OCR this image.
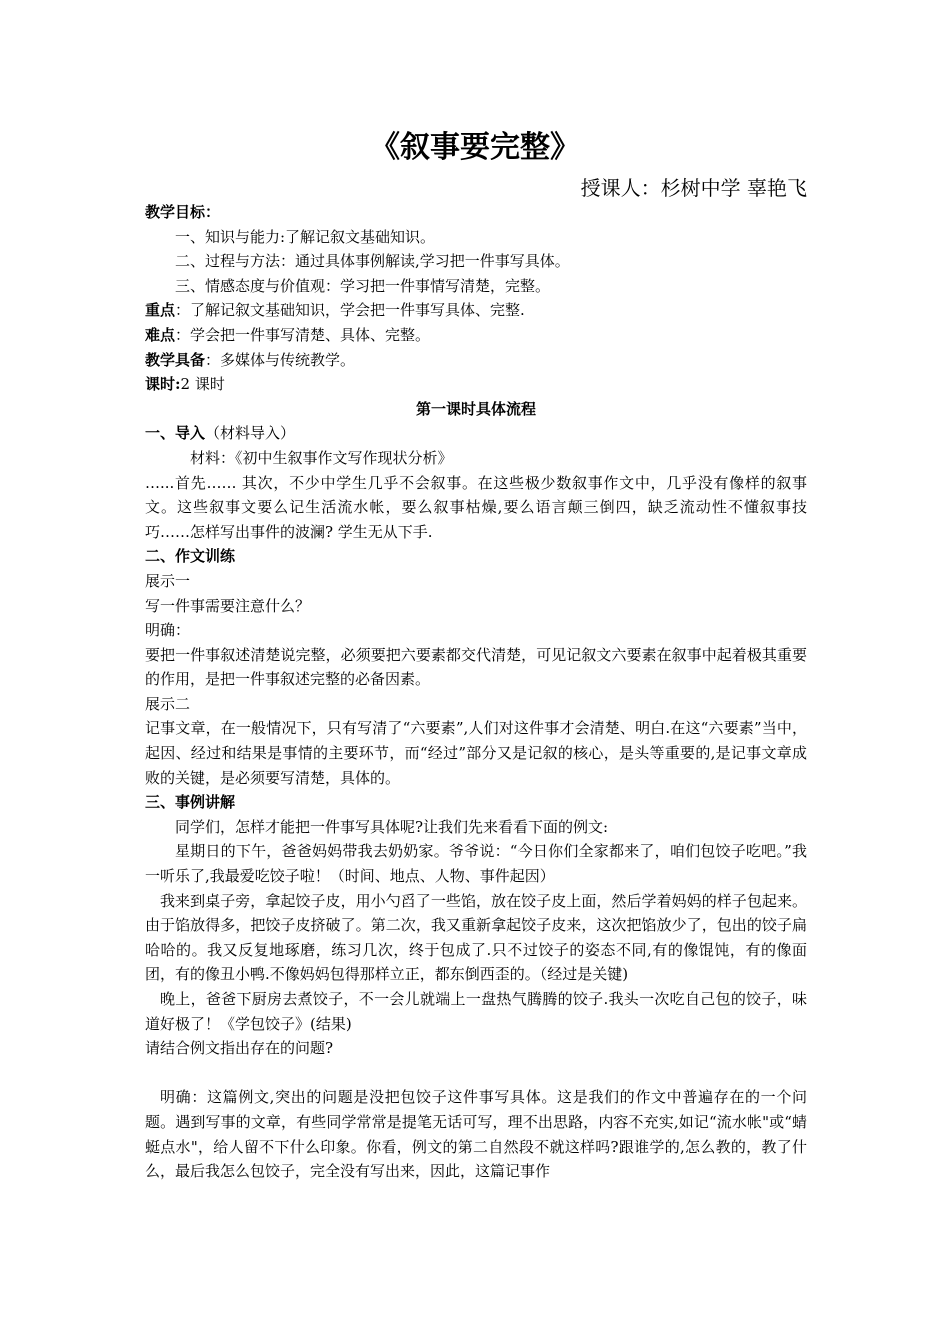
《叙事要完整》
授课人：杉树中学 辜艳飞

教学目标：

一、知识与能力:了解记叙文基础知识。

二、过程与方法：通过具体事例解读,学习把一件事写具体。

三、情感态度与价值观：学习把一件事情写清楚，完整。

重点：了解记叙文基础知识，学会把一件事写具体、完整.

难点：学会把一件事写清楚、具体、完整。

教学具备：多媒体与传统教学。

课时:2 课时

第一课时具体流程

一、导入（材料导入）

材料：《初中生叙事作文写作现状分析》

…...首先…… 其次，不少中学生几乎不会叙事。在这些极少数叙事作文中，几乎没有像样的叙事文。这些叙事文要么记生活流水帐，要么叙事枯燥,要么语言颠三倒四，缺乏流动性不懂叙事技巧……怎样写出事件的波澜? 学生无从下手.

二、作文训练

展示一

写一件事需要注意什么？

明确：

要把一件事叙述清楚说完整，必须要把六要素都交代清楚，可见记叙文六要素在叙事中起着极其重要的作用，是把一件事叙述完整的必备因素。

展示二

记事文章，在一般情况下，只有写清了“六要素”,人们对这件事才会清楚、明白.在这“六要素”当中，起因、经过和结果是事情的主要环节，而“经过”部分又是记叙的核心，是头等重要的,是记事文章成败的关键，是必须要写清楚，具体的。

三、事例讲解

同学们，怎样才能把一件事写具体呢?让我们先来看看下面的例文:

星期日的下午，爸爸妈妈带我去奶奶家。爷爷说：“今日你们全家都来了，咱们包饺子吃吧。”我一听乐了,我最爱吃饺子啦！（时间、地点、人物、事件起因）

我来到桌子旁，拿起饺子皮，用小勺舀了一些馅，放在饺子皮上面，然后学着妈妈的样子包起来。由于馅放得多，把饺子皮挤破了。第二次，我又重新拿起饺子皮来，这次把馅放少了，包出的饺子扁哈哈的。我又反复地琢磨，练习几次，终于包成了.只不过饺子的姿态不同,有的像馄饨，有的像面团，有的像丑小鸭.不像妈妈包得那样立正，都东倒西歪的。（经过是关键)

晚上，爸爸下厨房去煮饺子，不一会儿就端上一盘热气腾腾的饺子.我头一次吃自己包的饺子，味道好极了！《学包饺子》(结果)

请结合例文指出存在的问题?

明确：这篇例文,突出的问题是没把包饺子这件事写具体。这是我们的作文中普遍存在的一个问题。遇到写事的文章，有些同学常常是提笔无话可写，理不出思路，内容不充实,如记“流水帐"或“蜻蜓点水"，给人留不下什么印象。你看，例文的第二自然段不就这样吗?跟谁学的,怎么教的，教了什么，最后我怎么包饺子，完全没有写出来，因此，这篇记事作
